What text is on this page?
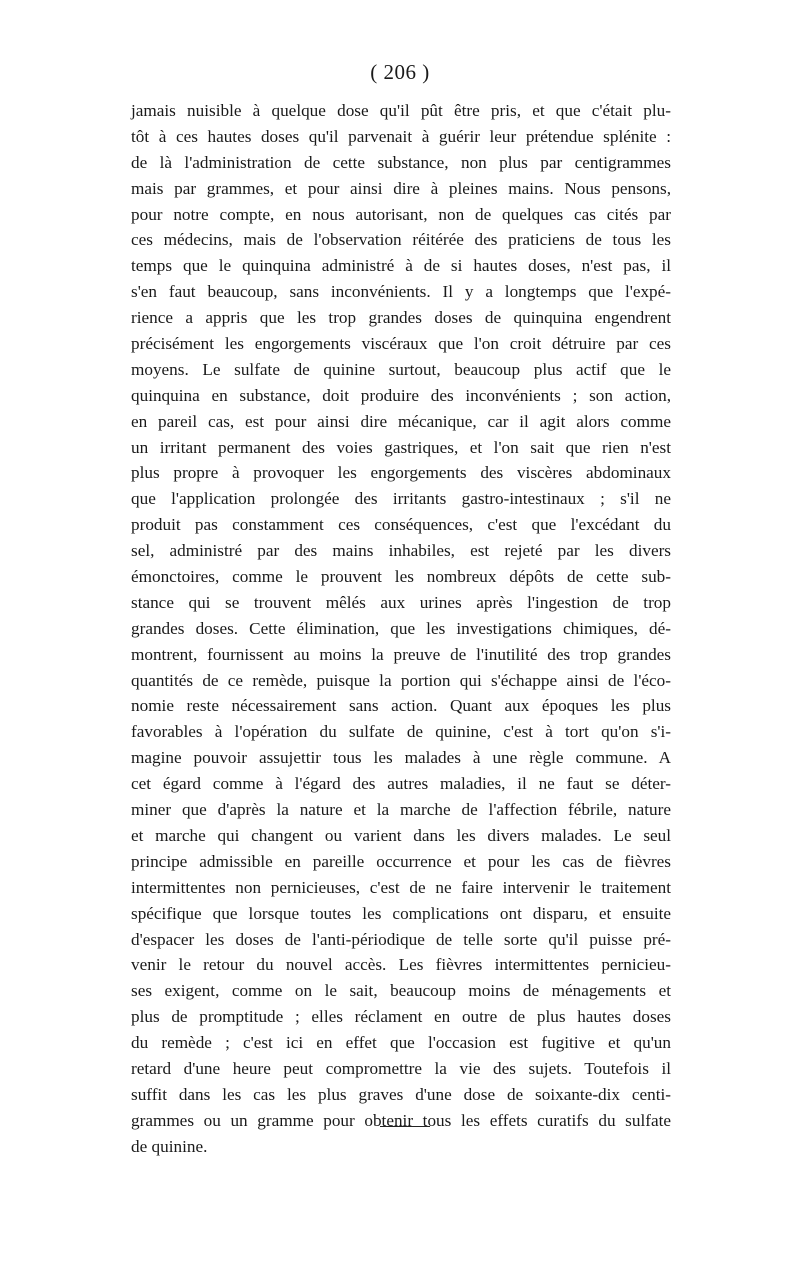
( 206 )
jamais nuisible à quelque dose qu'il pût être pris, et que c'était plu-
tôt à ces hautes doses qu'il parvenait à guérir leur prétendue splénite :
de là l'administration de cette substance, non plus par centigrammes
mais par grammes, et pour ainsi dire à pleines mains. Nous pensons,
pour notre compte, en nous autorisant, non de quelques cas cités par
ces médecins, mais de l'observation réitérée des praticiens de tous les
temps que le quinquina administré à de si hautes doses, n'est pas, il
s'en faut beaucoup, sans inconvénients. Il y a longtemps que l'expé-
rience a appris que les trop grandes doses de quinquina engendrent
précisément les engorgements viscéraux que l'on croit détruire par ces
moyens. Le sulfate de quinine surtout, beaucoup plus actif que le
quinquina en substance, doit produire des inconvénients ; son action,
en pareil cas, est pour ainsi dire mécanique, car il agit alors comme
un irritant permanent des voies gastriques, et l'on sait que rien n'est
plus propre à provoquer les engorgements des viscères abdominaux
que l'application prolongée des irritants gastro-intestinaux ; s'il ne
produit pas constamment ces conséquences, c'est que l'excédant du
sel, administré par des mains inhabiles, est rejeté par les divers
émonctoires, comme le prouvent les nombreux dépôts de cette sub-
stance qui se trouvent mêlés aux urines après l'ingestion de trop
grandes doses. Cette élimination, que les investigations chimiques, dé-
montrent, fournissent au moins la preuve de l'inutilité des trop grandes
quantités de ce remède, puisque la portion qui s'échappe ainsi de l'éco-
nomie reste nécessairement sans action. Quant aux époques les plus
favorables à l'opération du sulfate de quinine, c'est à tort qu'on s'i-
magine pouvoir assujettir tous les malades à une règle commune. A
cet égard comme à l'égard des autres maladies, il ne faut se déter-
miner que d'après la nature et la marche de l'affection fébrile, nature
et marche qui changent ou varient dans les divers malades. Le seul
principe admissible en pareille occurrence et pour les cas de fièvres
intermittentes non pernicieuses, c'est de ne faire intervenir le traitement
spécifique que lorsque toutes les complications ont disparu, et ensuite
d'espacer les doses de l'anti-périodique de telle sorte qu'il puisse pré-
venir le retour du nouvel accès. Les fièvres intermittentes pernicieu-
ses exigent, comme on le sait, beaucoup moins de ménagements et
plus de promptitude ; elles réclament en outre de plus hautes doses
du remède ; c'est ici en effet que l'occasion est fugitive et qu'un
retard d'une heure peut compromettre la vie des sujets. Toutefois il
suffit dans les cas les plus graves d'une dose de soixante-dix centi-
grammes ou un gramme pour obtenir tous les effets curatifs du sulfate
de quinine.
